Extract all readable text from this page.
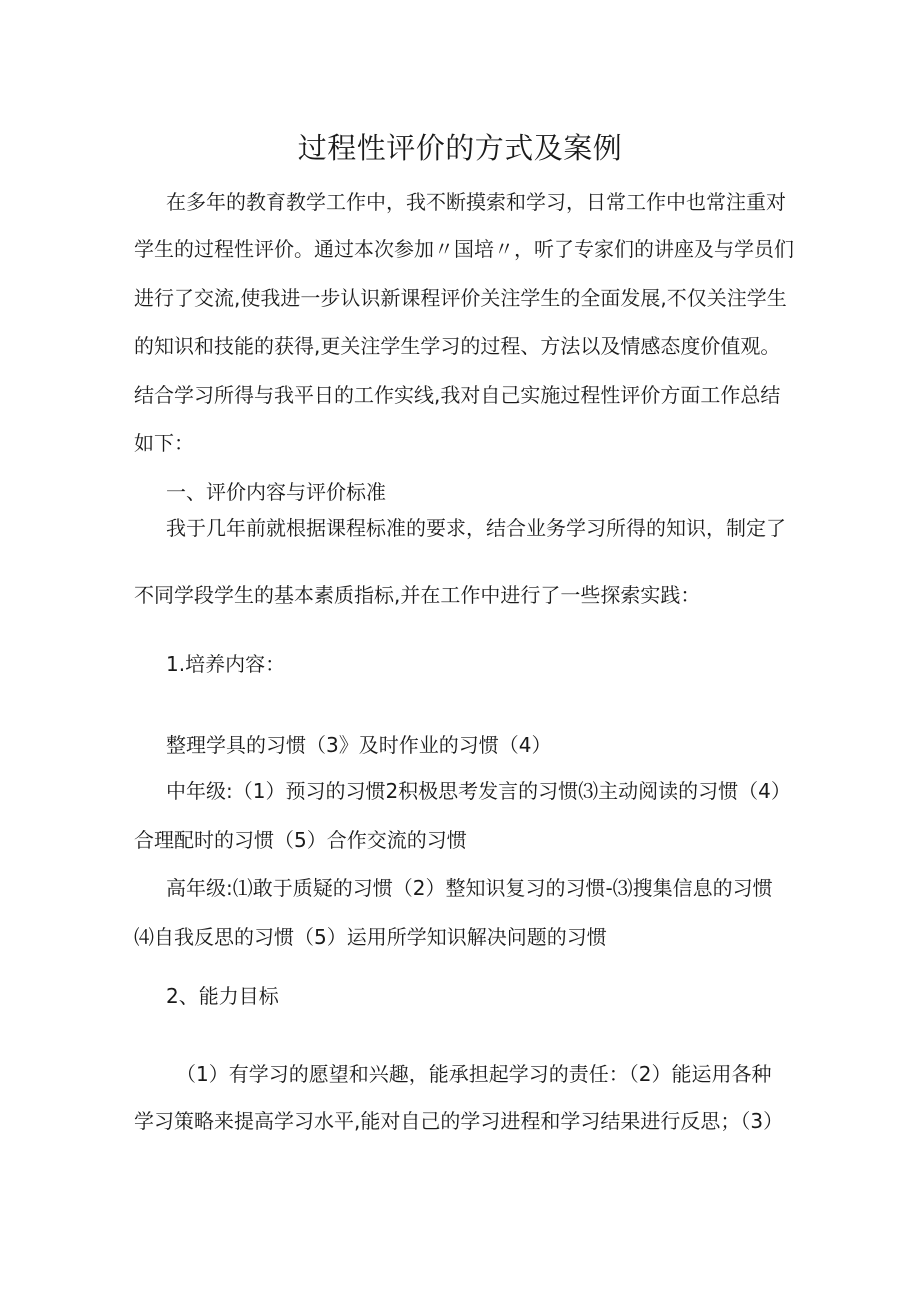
过程性评价的方式及案例
在多年的教育教学工作中，我不断摸索和学习，日常工作中也常注重对
学生的过程性评价。通过本次参加〃国培〃，听了专家们的讲座及与学员们
进行了交流,使我进一步认识新课程评价关注学生的全面发展,不仅关注学生
的知识和技能的获得,更关注学生学习的过程、方法以及情感态度价值观。
结合学习所得与我平日的工作实线,我对自己实施过程性评价方面工作总结
如下：
一、评价内容与评价标准
我于几年前就根据课程标准的要求，结合业务学习所得的知识，制定了
不同学段学生的基本素质指标,并在工作中进行了一些探索实践：
1.培养内容：
整理学具的习惯（3》及时作业的习惯（4）
中年级:（1）预习的习惯2积极思考发言的习惯⑶主动阅读的习惯（4）
合理配时的习惯（5）合作交流的习惯
高年级:⑴敢于质疑的习惯（2）整知识复习的习惯-⑶搜集信息的习惯
⑷自我反思的习惯（5）运用所学知识解决问题的习惯
2、能力目标
（1）有学习的愿望和兴趣，能承担起学习的责任：（2）能运用各种
学习策略来提高学习水平,能对自己的学习进程和学习结果进行反思；（3）
